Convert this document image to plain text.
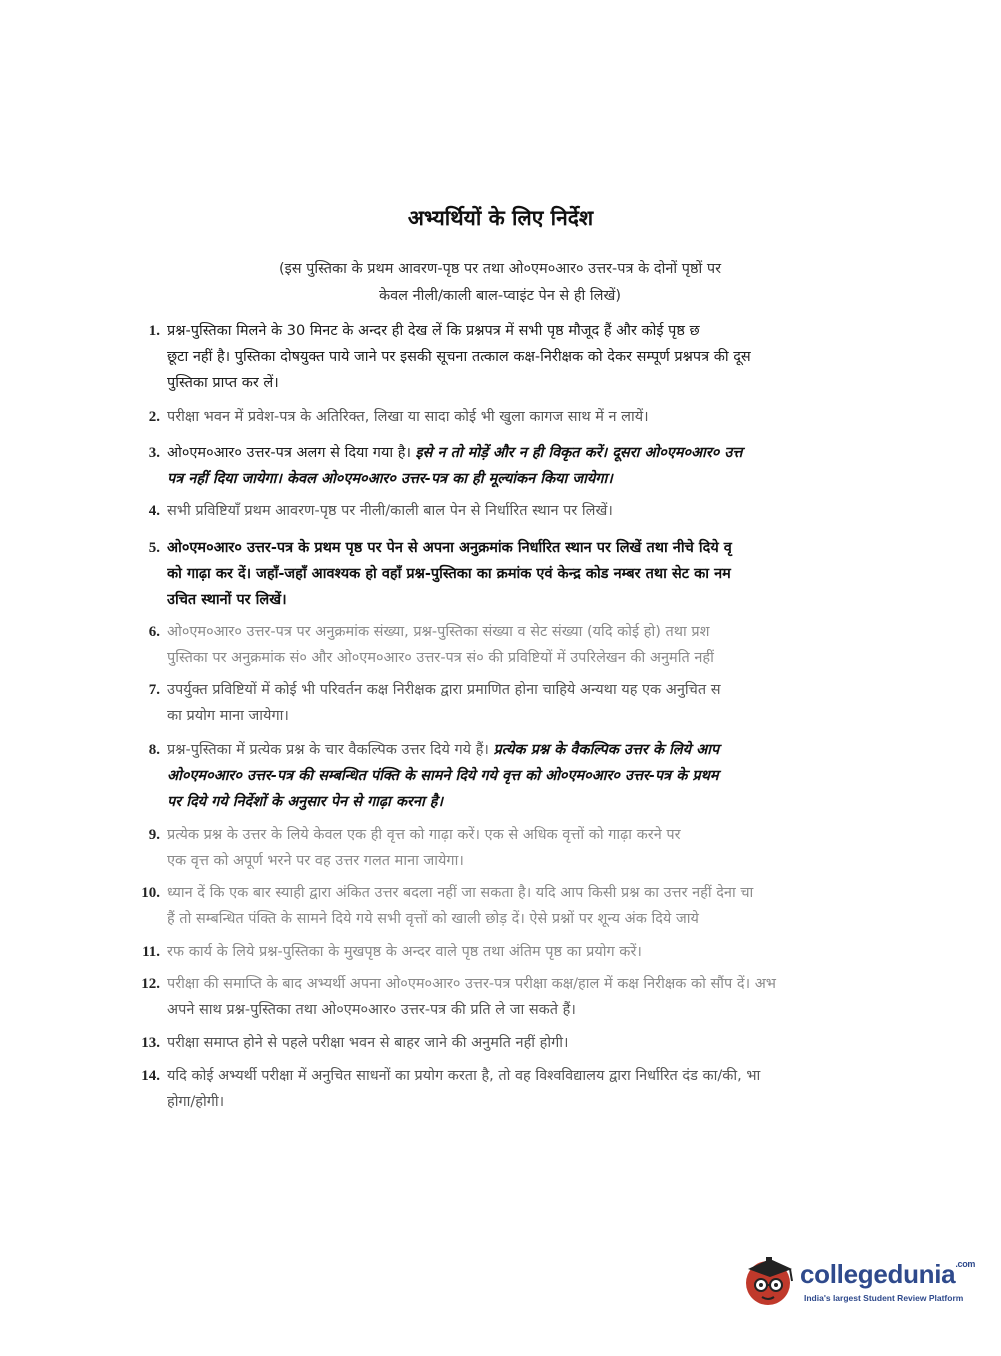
अभ्यर्थियों के लिए निर्देश
(इस पुस्तिका के प्रथम आवरण-पृष्ठ पर तथा ओ०एम०आर० उत्तर-पत्र के दोनों पृष्ठों पर
केवल नीली/काली बाल-प्वाइंट पेन से ही लिखें)
1. प्रश्न-पुस्तिका मिलने के 30 मिनट के अन्दर ही देख लें कि प्रश्नपत्र में सभी पृष्ठ मौजूद हैं और कोई पृष्ठ छ
छूटा नहीं है। पुस्तिका दोषयुक्त पाये जाने पर इसकी सूचना तत्काल कक्ष-निरीक्षक को देकर सम्पूर्ण प्रश्नपत्र की दूस
पुस्तिका प्राप्त कर लें।
2. परीक्षा भवन में प्रवेश-पत्र के अतिरिक्त, लिखा या सादा कोई भी खुला कागज साथ में न लायें।
3. ओ०एम०आर० उत्तर-पत्र अलग से दिया गया है। इसे न तो मोड़ें और न ही विकृत करें। दूसरा ओ०एम०आर० उत्त
पत्र नहीं दिया जायेगा। केवल ओ०एम०आर० उत्तर-पत्र का ही मूल्यांकन किया जायेगा।
4. सभी प्रविष्टियाँ प्रथम आवरण-पृष्ठ पर नीली/काली बाल पेन से निर्धारित स्थान पर लिखें।
5. ओ०एम०आर० उत्तर-पत्र के प्रथम पृष्ठ पर पेन से अपना अनुक्रमांक निर्धारित स्थान पर लिखें तथा नीचे दिये वृ
को गाढ़ा कर दें। जहाँ-जहाँ आवश्यक हो वहाँ प्रश्न-पुस्तिका का क्रमांक एवं केन्द्र कोड नम्बर तथा सेट का नम
उचित स्थानों पर लिखें।
6. ओ०एम०आर० उत्तर-पत्र पर अनुक्रमांक संख्या, प्रश्न-पुस्तिका संख्या व सेट संख्या (यदि कोई हो) तथा प्रश
पुस्तिका पर अनुक्रमांक सं० और ओ०एम०आर० उत्तर-पत्र सं० की प्रविष्टियों में उपरिलेखन की अनुमति नहीं
7. उपर्युक्त प्रविष्टियों में कोई भी परिवर्तन कक्ष निरीक्षक द्वारा प्रमाणित होना चाहिये अन्यथा यह एक अनुचित स
का प्रयोग माना जायेगा।
8. प्रश्न-पुस्तिका में प्रत्येक प्रश्न के चार वैकल्पिक उत्तर दिये गये हैं। प्रत्येक प्रश्न के वैकल्पिक उत्तर के लिये आप
ओ०एम०आर० उत्तर-पत्र की सम्बन्धित पंक्ति के सामने दिये गये वृत्त को ओ०एम०आर० उत्तर-पत्र के प्रथम
पर दिये गये निर्देशों के अनुसार पेन से गाढ़ा करना है।
9. प्रत्येक प्रश्न के उत्तर के लिये केवल एक ही वृत्त को गाढ़ा करें। एक से अधिक वृत्तों को गाढ़ा करने पर
एक वृत्त को अपूर्ण भरने पर वह उत्तर गलत माना जायेगा।
10. ध्यान दें कि एक बार स्याही द्वारा अंकित उत्तर बदला नहीं जा सकता है। यदि आप किसी प्रश्न का उत्तर नहीं देना चा
हैं तो सम्बन्धित पंक्ति के सामने दिये गये सभी वृत्तों को खाली छोड़ दें। ऐसे प्रश्नों पर शून्य अंक दिये जाये
11. रफ कार्य के लिये प्रश्न-पुस्तिका के मुखपृष्ठ के अन्दर वाले पृष्ठ तथा अंतिम पृष्ठ का प्रयोग करें।
12. परीक्षा की समाप्ति के बाद अभ्यर्थी अपना ओ०एम०आर० उत्तर-पत्र परीक्षा कक्ष/हाल में कक्ष निरीक्षक को सौंप दें। अभ
अपने साथ प्रश्न-पुस्तिका तथा ओ०एम०आर० उत्तर-पत्र की प्रति ले जा सकते हैं।
13. परीक्षा समाप्त होने से पहले परीक्षा भवन से बाहर जाने की अनुमति नहीं होगी।
14. यदि कोई अभ्यर्थी परीक्षा में अनुचित साधनों का प्रयोग करता है, तो वह विश्वविद्यालय द्वारा निर्धारित दंड का/की, भा
होगा/होगी।
collegedunia$^{.com}$
India's largest Student Review Platform
